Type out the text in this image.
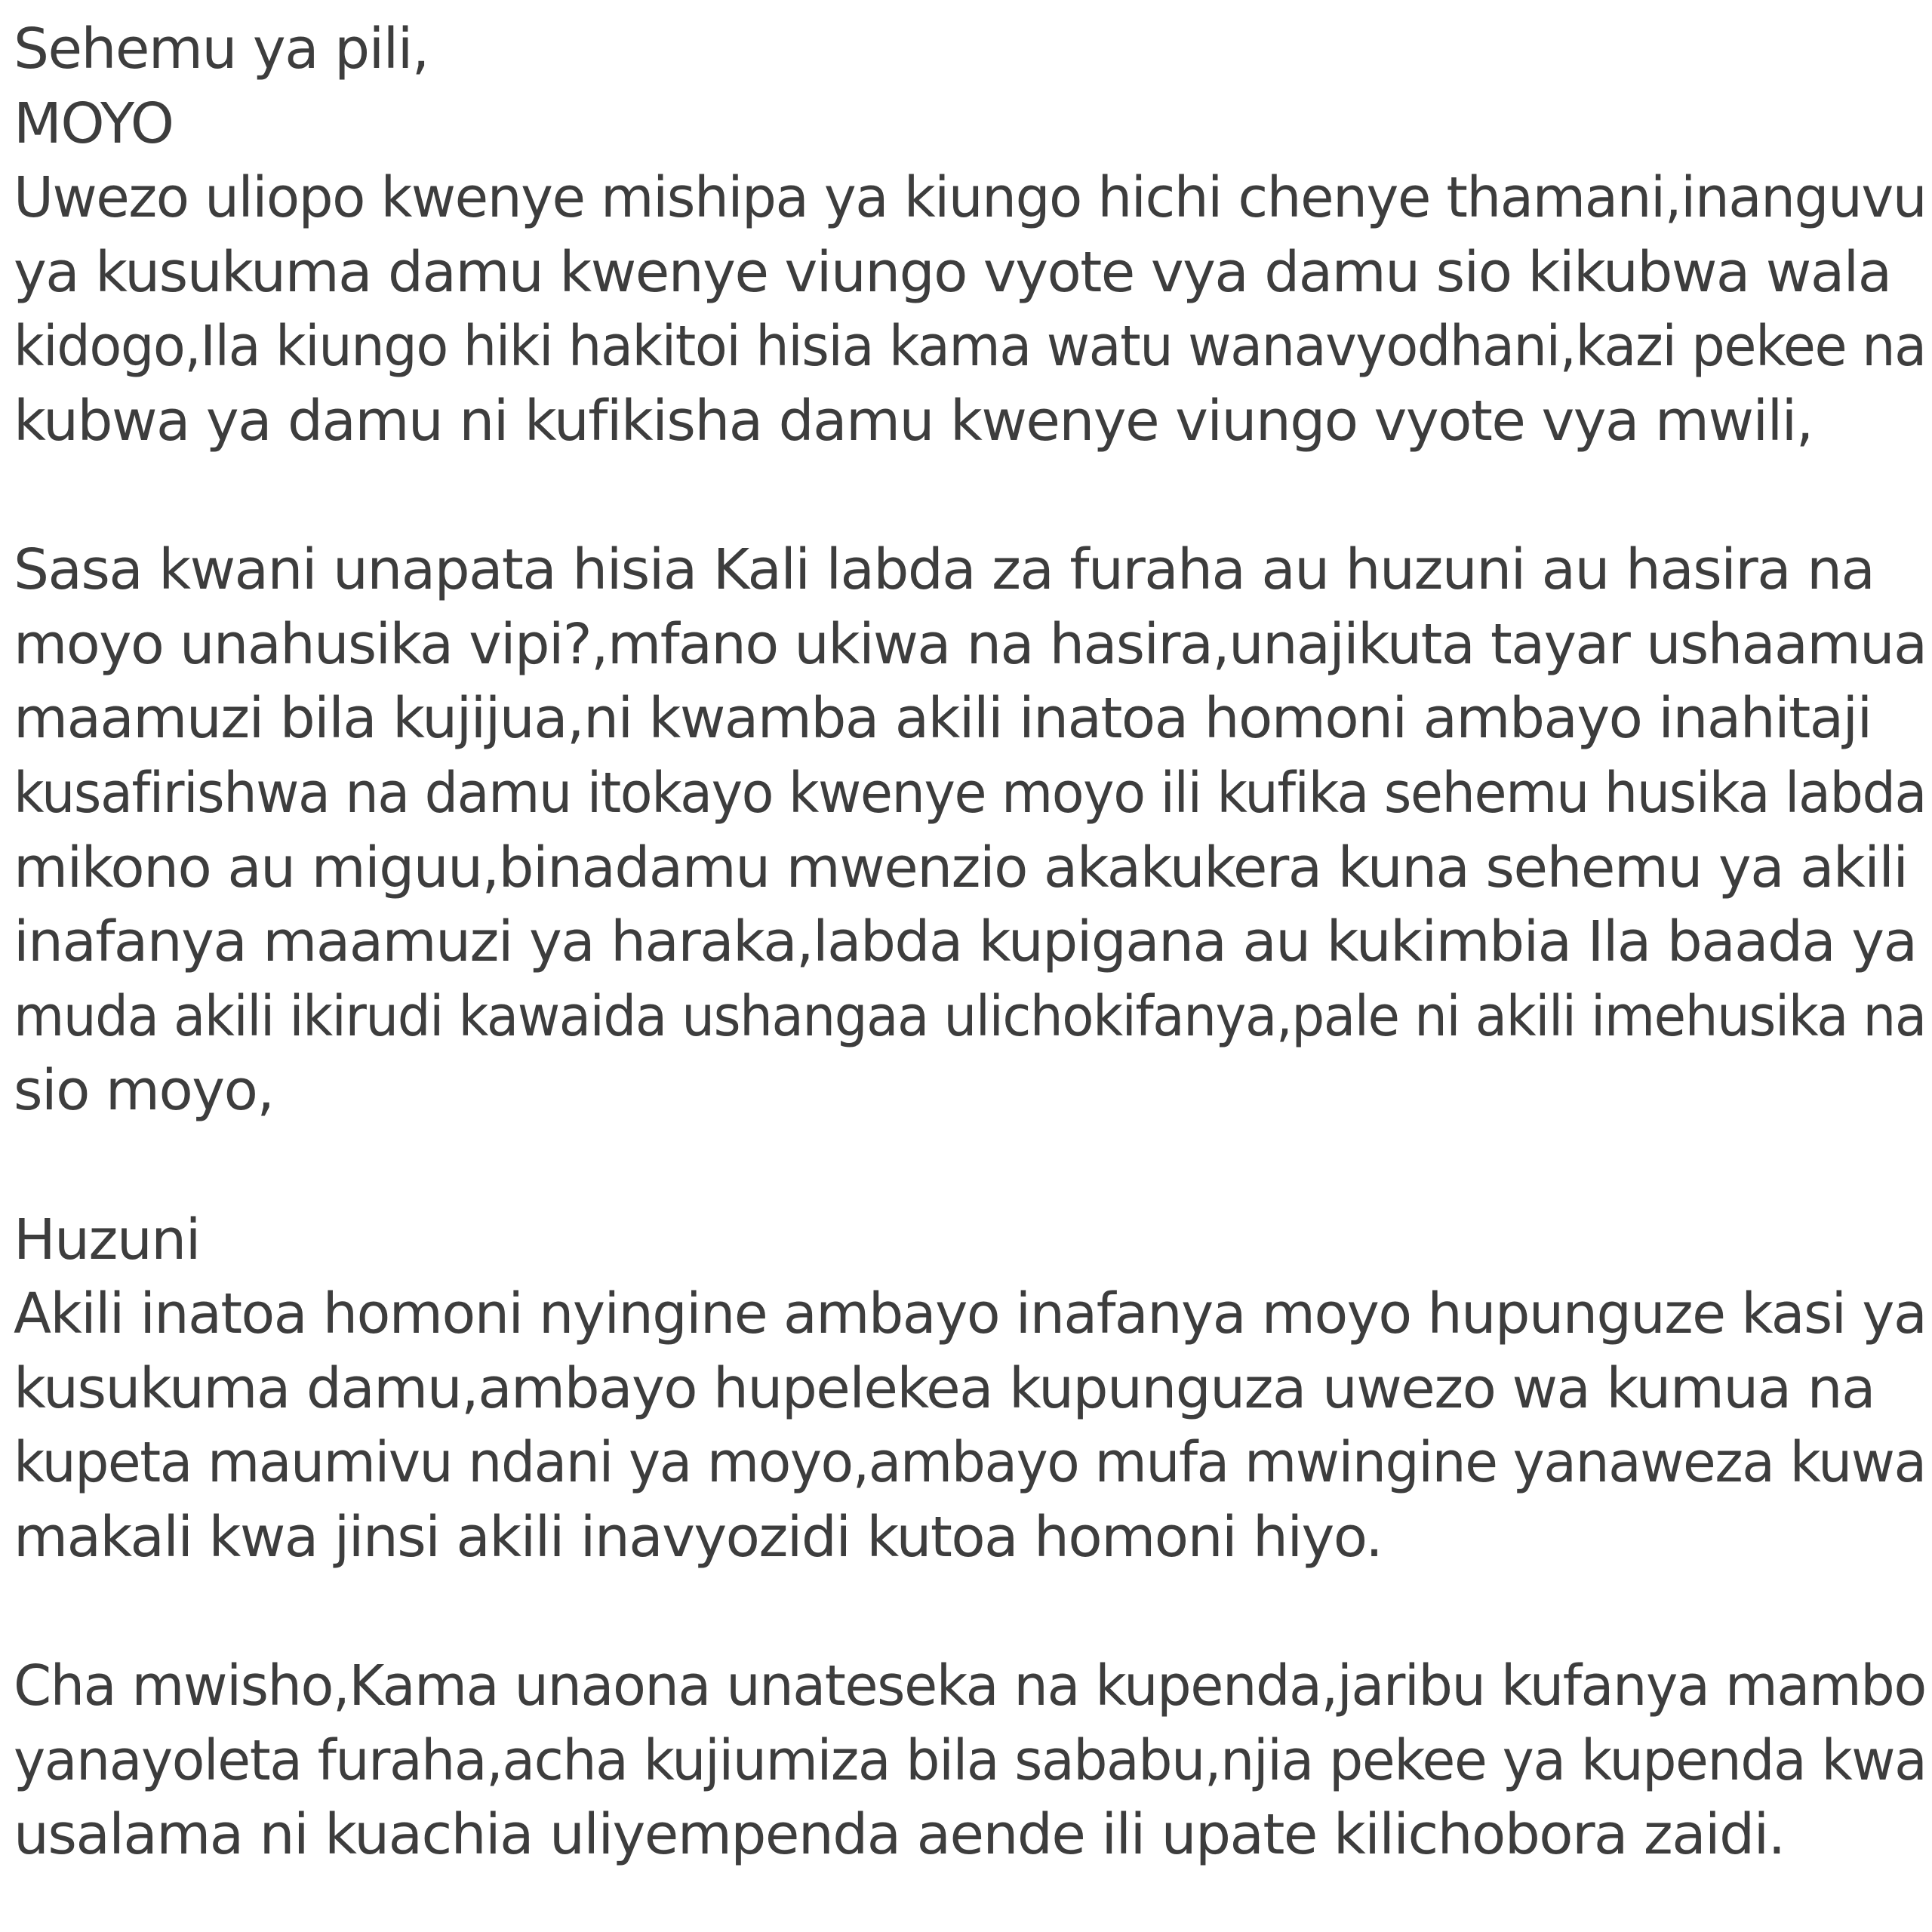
Sehemu ya pili,
MOYO
Uwezo uliopo kwenye mishipa ya kiungo hichi chenye thamani,inanguvu
ya kusukuma damu kwenye viungo vyote vya damu sio kikubwa wala
kidogo,Ila kiungo hiki hakitoi hisia kama watu wanavyodhani,kazi pekee na
kubwa ya damu ni kufikisha damu kwenye viungo vyote vya mwili,
Sasa kwani unapata hisia Kali labda za furaha au huzuni au hasira na
moyo unahusika vipi?,mfano ukiwa na hasira,unajikuta tayar ushaamua
maamuzi bila kujijua,ni kwamba akili inatoa homoni ambayo inahitaji
kusafirishwa na damu itokayo kwenye moyo ili kufika sehemu husika labda
mikono au miguu,binadamu mwenzio akakukera kuna sehemu ya akili
inafanya maamuzi ya haraka,labda kupigana au kukimbia Ila baada ya
muda akili ikirudi kawaida ushangaa ulichokifanya,pale ni akili imehusika na
sio moyo,
Huzuni
Akili inatoa homoni nyingine ambayo inafanya moyo hupunguze kasi ya
kusukuma damu,ambayo hupelekea kupunguza uwezo wa kumua na
kupeta maumivu ndani ya moyo,ambayo mufa mwingine yanaweza kuwa
makali kwa jinsi akili inavyozidi kutoa homoni hiyo.
Cha mwisho,Kama unaona unateseka na kupenda,jaribu kufanya mambo
yanayoleta furaha,acha kujiumiza bila sababu,njia pekee ya kupenda kwa
usalama ni kuachia uliyempenda aende ili upate kilichobora zaidi.
